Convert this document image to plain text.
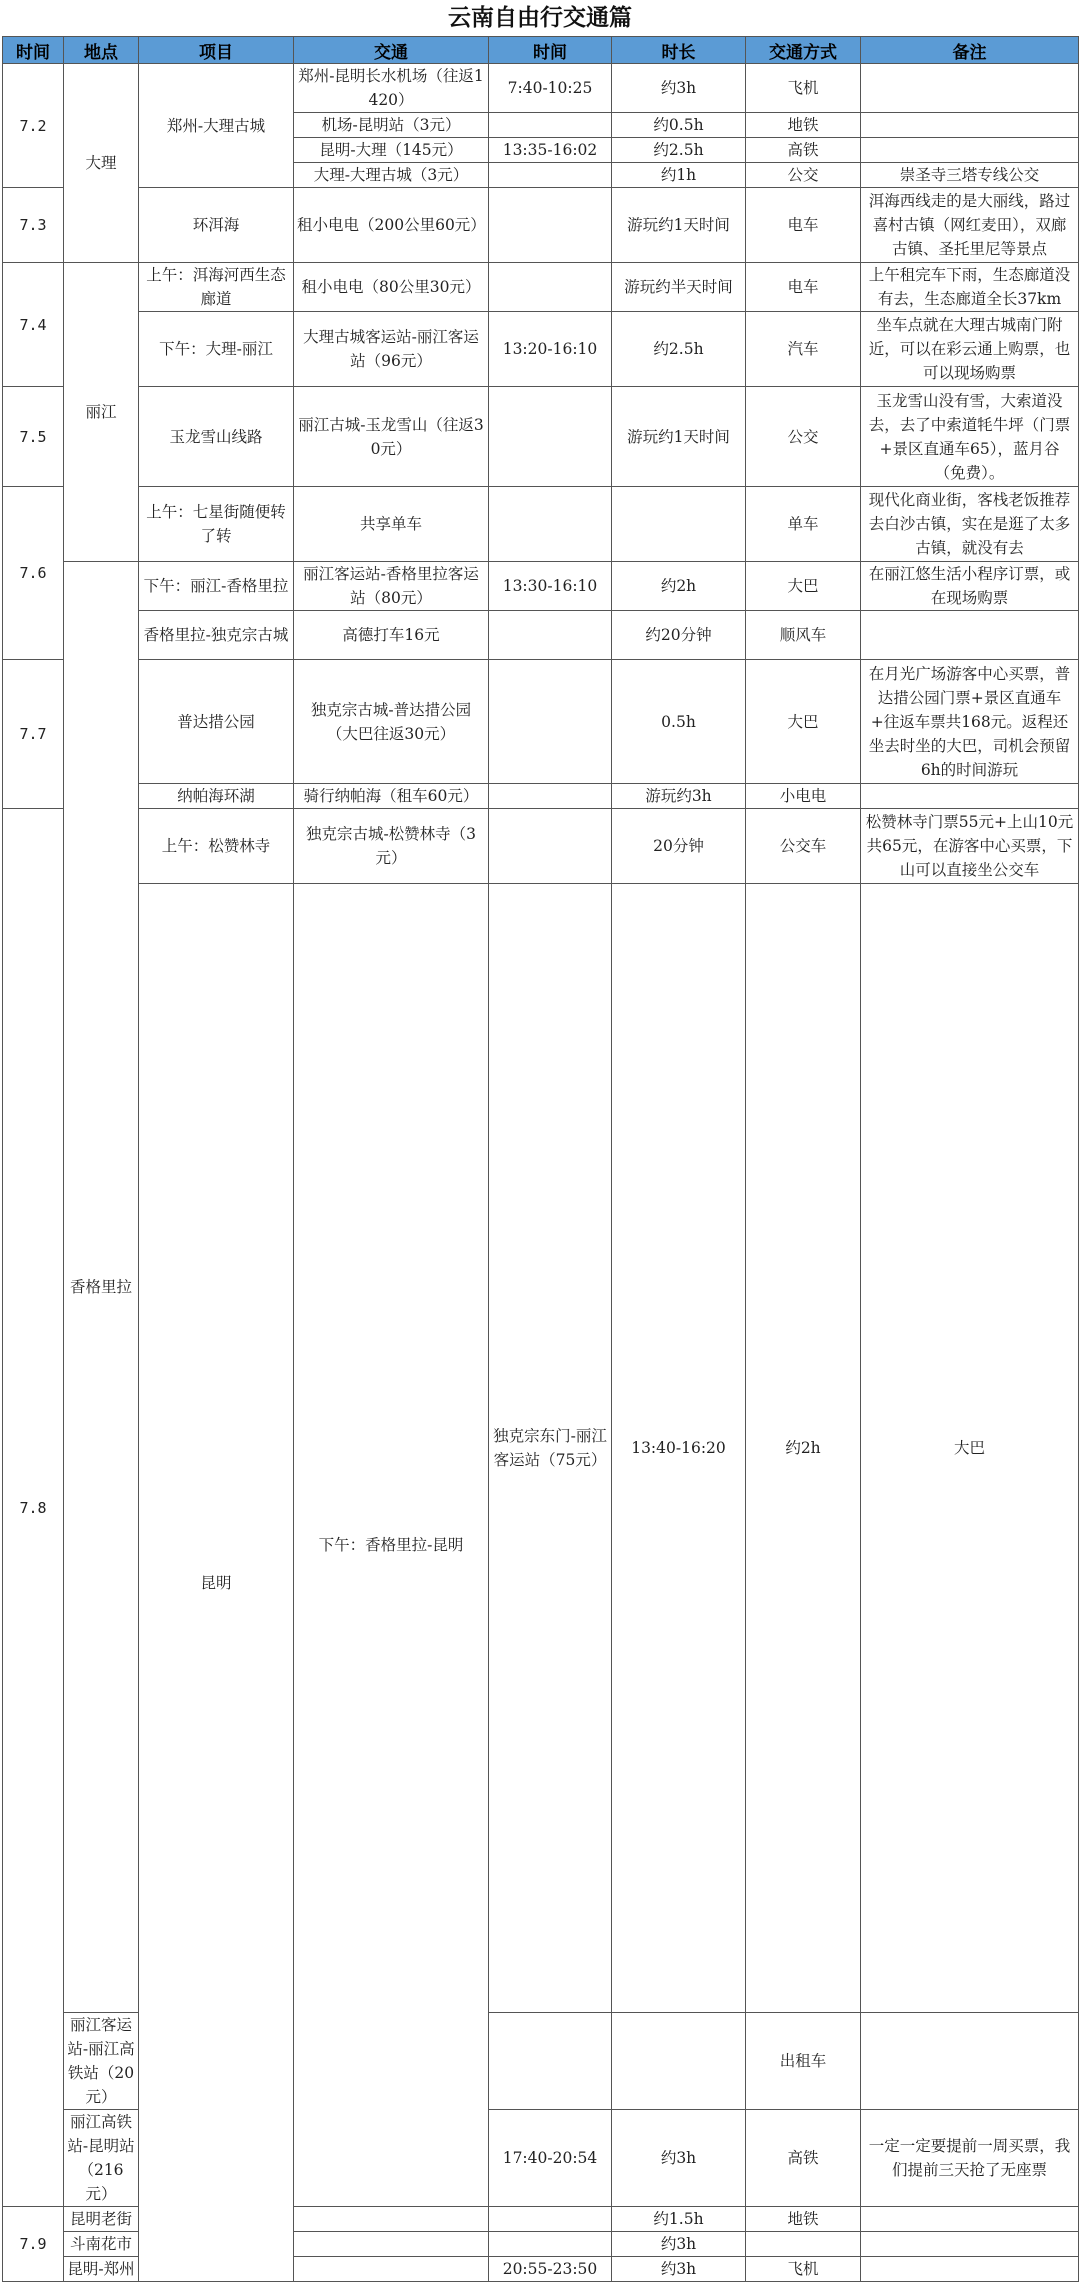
云南自由行交通篇
时间	地点	项目	交通	时间	时长	交通方式	备注	
7.2	大理	郑州-大理古城	郑州-昆明长水机场（往返1420）	7:40-10:25	约3h	飞机		
			机场-昆明站（3元）		约0.5h	地铁		
			昆明-大理（145元）	13:35-16:02	约2.5h	高铁		
			大理-大理古城（3元）		约1h	公交	崇圣寺三塔专线公交	
7.3		环洱海	租小电电（200公里60元）		游玩约1天时间	电车	洱海西线走的是大丽线，路过喜村古镇（网红麦田），双廊古镇、圣托里尼等景点	
7.4	丽江	上午：洱海河西生态廊道	租小电电（80公里30元）		游玩约半天时间	电车	上午租完车下雨，生态廊道没有去，生态廊道全长37km	
		下午：大理-丽江	大理古城客运站-丽江客运站（96元）	13:20-16:10	约2.5h	汽车	坐车点就在大理古城南门附近，可以在彩云通上购票，也可以现场购票	
7.5		玉龙雪山线路	丽江古城-玉龙雪山（往返30元）		游玩约1天时间	公交	玉龙雪山没有雪，大索道没去，去了中索道牦牛坪（门票+景区直通车65），蓝月谷（免费）。	
7.6		上午：七星街随便转了转	共享单车			单车	现代化商业街，客栈老饭推荐去白沙古镇，实在是逛了太多古镇，就没有去	
	香格里拉	下午：丽江-香格里拉	丽江客运站-香格里拉客运站（80元）	13:30-16:10	约2h	大巴	在丽江悠生活小程序订票，或在现场购票	
		香格里拉-独克宗古城	高德打车16元		约20分钟	顺风车		
7.7		普达措公园	独克宗古城-普达措公园（大巴往返30元）		0.5h	大巴	在月光广场游客中心买票，普达措公园门票+景区直通车+往返车票共168元。返程还坐去时坐的大巴，司机会预留6h的时间游玩	
		纳帕海环湖	骑行纳帕海（租车60元）		游玩约3h	小电电		
7.8		上午：松赞林寺	独克宗古城-松赞林寺（3元）		20分钟	公交车	松赞林寺门票55元+上山10元共65元，在游客中心买票，下山可以直接坐公交车	
		昆明	下午：香格里拉-昆明	独克宗东门-丽江客运站（75元）	13:40-16:20	约2h	大巴	
	丽江客运站-丽江高铁站（20元）					出租车		
	丽江高铁站-昆明站（216元）			17:40-20:54	约3h	高铁	一定一定要提前一周买票，我们提前三天抢了无座票	
7.9	昆明老街				约1.5h	地铁		
	斗南花市				约3h			
	昆明-郑州			20:55-23:50	约3h	飞机		
